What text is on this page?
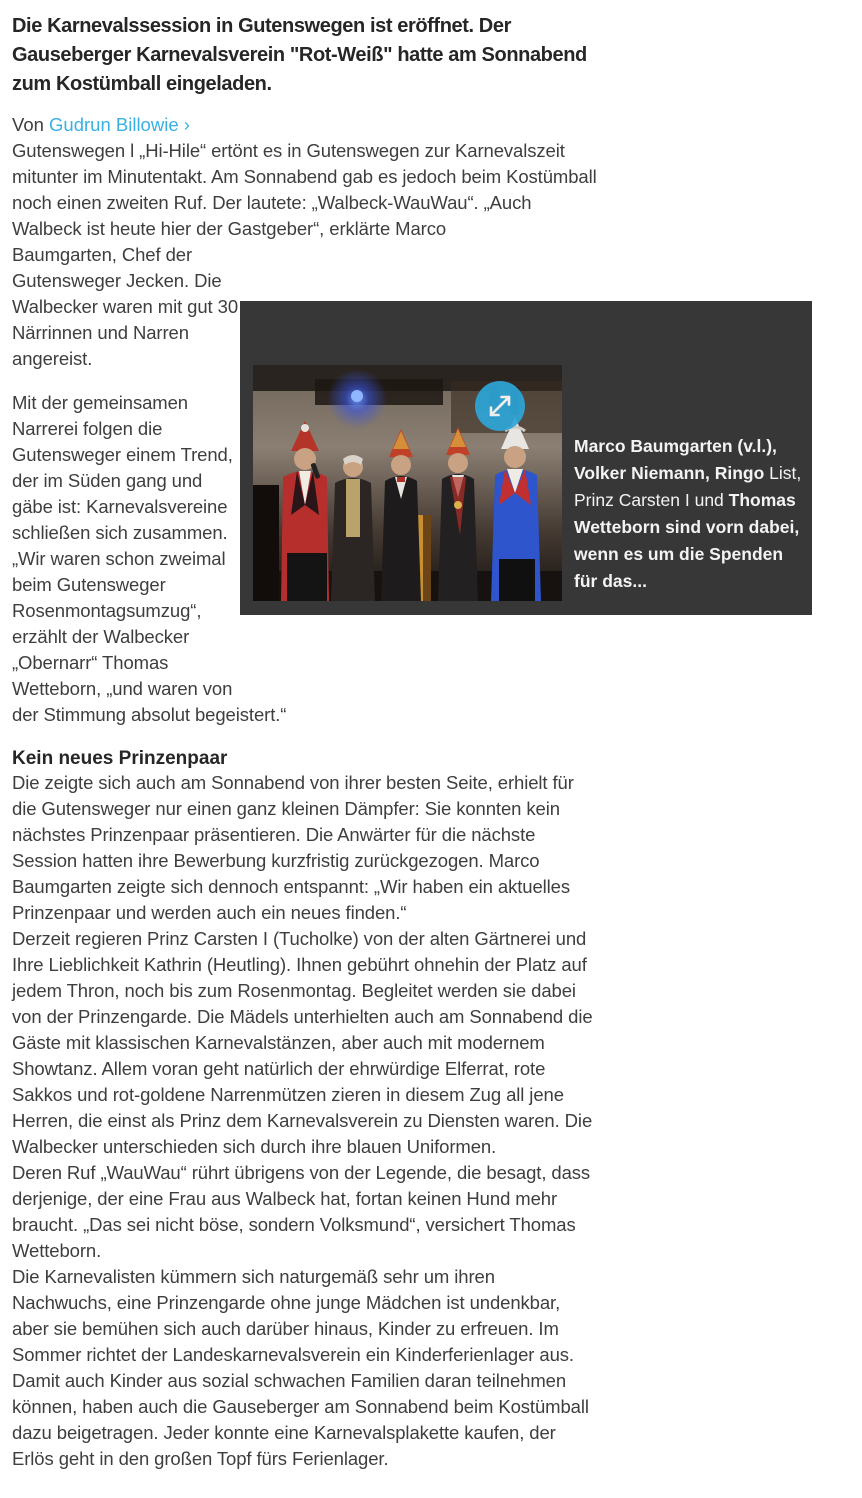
Die Karnevalssession in Gutenswegen ist eröffnet. Der Gauseberger Karnevalsverein "Rot-Weiß" hatte am Sonnabend zum Kostümball eingeladen.

Von Gudrun Billowie ›

Gutenswegen l „Hi-Hile“ ertönt es in Gutenswegen zur Karnevalszeit mitunter im Minutentakt. Am Sonnabend gab es jedoch beim Kostümball noch einen zweiten Ruf. Der lautete: „Walbeck-WauWau“. „Auch Walbeck ist heute hier der Gastgeber“, erklärte Marco

Marco Baumgarten (v.l.), Volker Niemann, Ringo List, Prinz Carsten I und Thomas Wetteborn sind vorn dabei, wenn es um die Spenden für das...

Baumgarten, Chef der Gutensweger Jecken. Die Walbecker waren mit gut 30 Närrinnen und Narren angereist.

Mit der gemeinsamen Narrerei folgen die Gutensweger einem Trend, der im Süden gang und gäbe ist: Karnevalsvereine schließen sich zusammen. „Wir waren schon zweimal beim Gutensweger Rosenmontagsumzug“, erzählt der Walbecker „Obernarr“ Thomas Wetteborn, „und waren von der Stimmung absolut begeistert.“

Kein neues Prinzenpaar

Die zeigte sich auch am Sonnabend von ihrer besten Seite, erhielt für die Gutensweger nur einen ganz kleinen Dämpfer: Sie konnten kein nächstes Prinzenpaar präsentieren. Die Anwärter für die nächste Session hatten ihre Bewerbung kurzfristig zurückgezogen. Marco Baumgarten zeigte sich dennoch entspannt: „Wir haben ein aktuelles Prinzenpaar und werden auch ein neues finden.“

Derzeit regieren Prinz Carsten I (Tucholke) von der alten Gärtnerei und Ihre Lieblichkeit Kathrin (Heutling). Ihnen gebührt ohnehin der Platz auf jedem Thron, noch bis zum Rosenmontag. Begleitet werden sie dabei von der Prinzengarde. Die Mädels unterhielten auch am Sonnabend die Gäste mit klassischen Karnevalstänzen, aber auch mit modernem Showtanz. Allem voran geht natürlich der ehrwürdige Elferrat, rote Sakkos und rot-goldene Narrenmützen zieren in diesem Zug all jene Herren, die einst als Prinz dem Karnevalsverein zu Diensten waren. Die Walbecker unterschieden sich durch ihre blauen Uniformen.

Deren Ruf „WauWau“ rührt übrigens von der Legende, die besagt, dass derjenige, der eine Frau aus Walbeck hat, fortan keinen Hund mehr braucht. „Das sei nicht böse, sondern Volksmund“, versichert Thomas Wetteborn.

Die Karnevalisten kümmern sich naturgemäß sehr um ihren Nachwuchs, eine Prinzengarde ohne junge Mädchen ist undenkbar, aber sie bemühen sich auch darüber hinaus, Kinder zu erfreuen. Im Sommer richtet der Landeskarnevalsverein ein Kinderferienlager aus. Damit auch Kinder aus sozial schwachen Familien daran teilnehmen können, haben auch die Gauseberger am Sonnabend beim Kostümball dazu beigetragen. Jeder konnte eine Karnevalsplakette kaufen, der Erlös geht in den großen Topf fürs Ferienlager.
